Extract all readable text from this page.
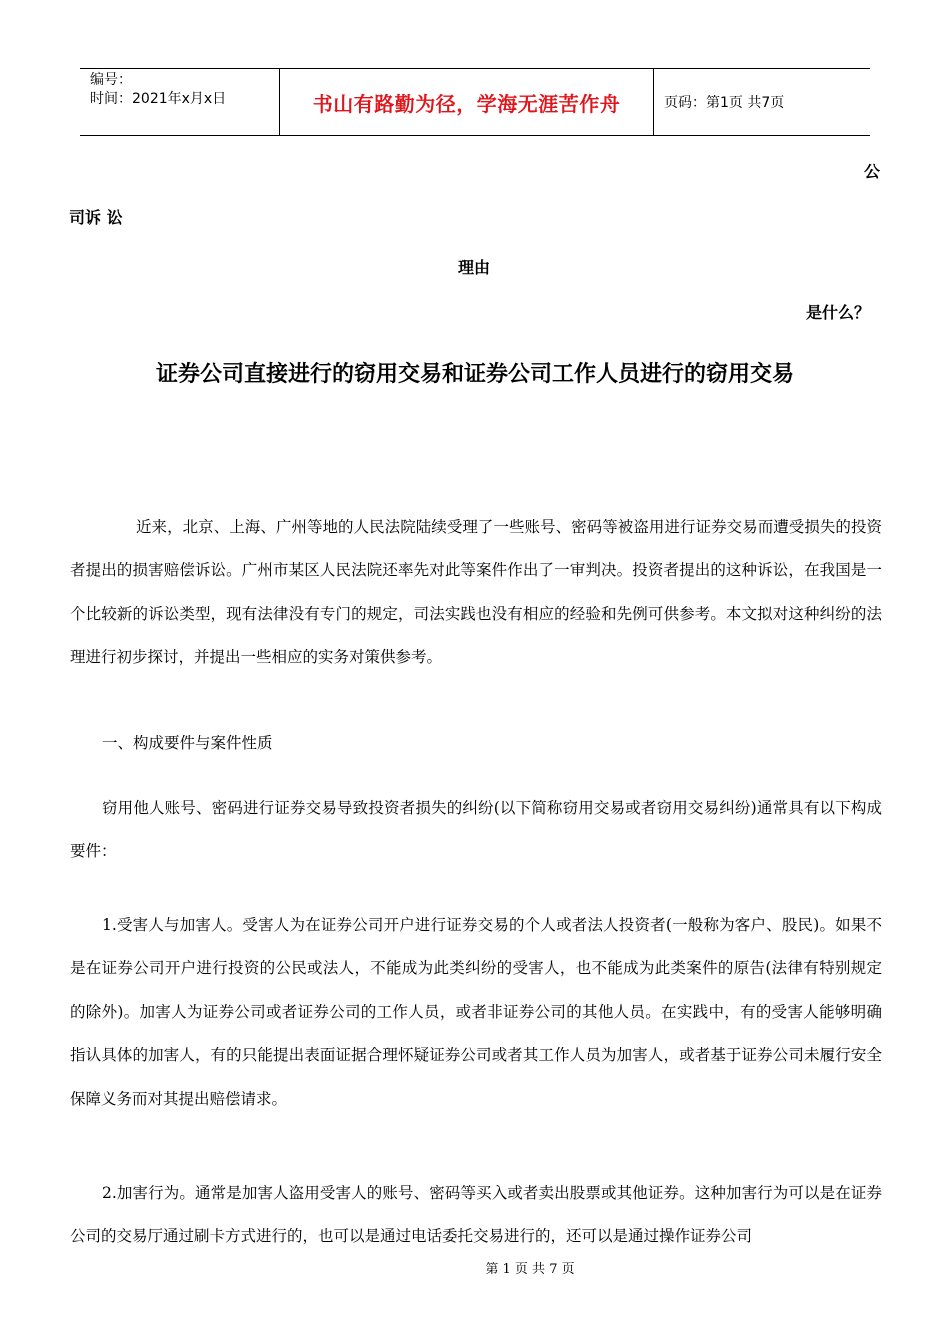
编号：
时间：2021年x月x日	书山有路勤为径，学海无涯苦作舟	页码：第1页 共7页
公
司诉 讼
理由
是什么？
证券公司直接进行的窃用交易和证券公司工作人员进行的窃用交易

近来，北京、上海、广州等地的人民法院陆续受理了一些账号、密码等被盗用进行证券交易而遭受损失的投资者提出的损害赔偿诉讼。广州市某区人民法院还率先对此等案件作出了一审判决。投资者提出的这种诉讼，在我国是一个比较新的诉讼类型，现有法律没有专门的规定，司法实践也没有相应的经验和先例可供参考。本文拟对这种纠纷的法理进行初步探讨，并提出一些相应的实务对策供参考。

一、构成要件与案件性质

窃用他人账号、密码进行证券交易导致投资者损失的纠纷(以下简称窃用交易或者窃用交易纠纷)通常具有以下构成要件：

1.受害人与加害人。受害人为在证券公司开户进行证券交易的个人或者法人投资者(一般称为客户、股民)。如果不是在证券公司开户进行投资的公民或法人，不能成为此类纠纷的受害人，也不能成为此类案件的原告(法律有特别规定的除外)。加害人为证券公司或者证券公司的工作人员，或者非证券公司的其他人员。在实践中，有的受害人能够明确指认具体的加害人，有的只能提出表面证据合理怀疑证券公司或者其工作人员为加害人，或者基于证券公司未履行安全保障义务而对其提出赔偿请求。

2.加害行为。通常是加害人盗用受害人的账号、密码等买入或者卖出股票或其他证券。这种加害行为可以是在证券公司的交易厅通过刷卡方式进行的，也可以是通过电话委托交易进行的，还可以是通过操作证券公司

第 1 页 共 7 页
